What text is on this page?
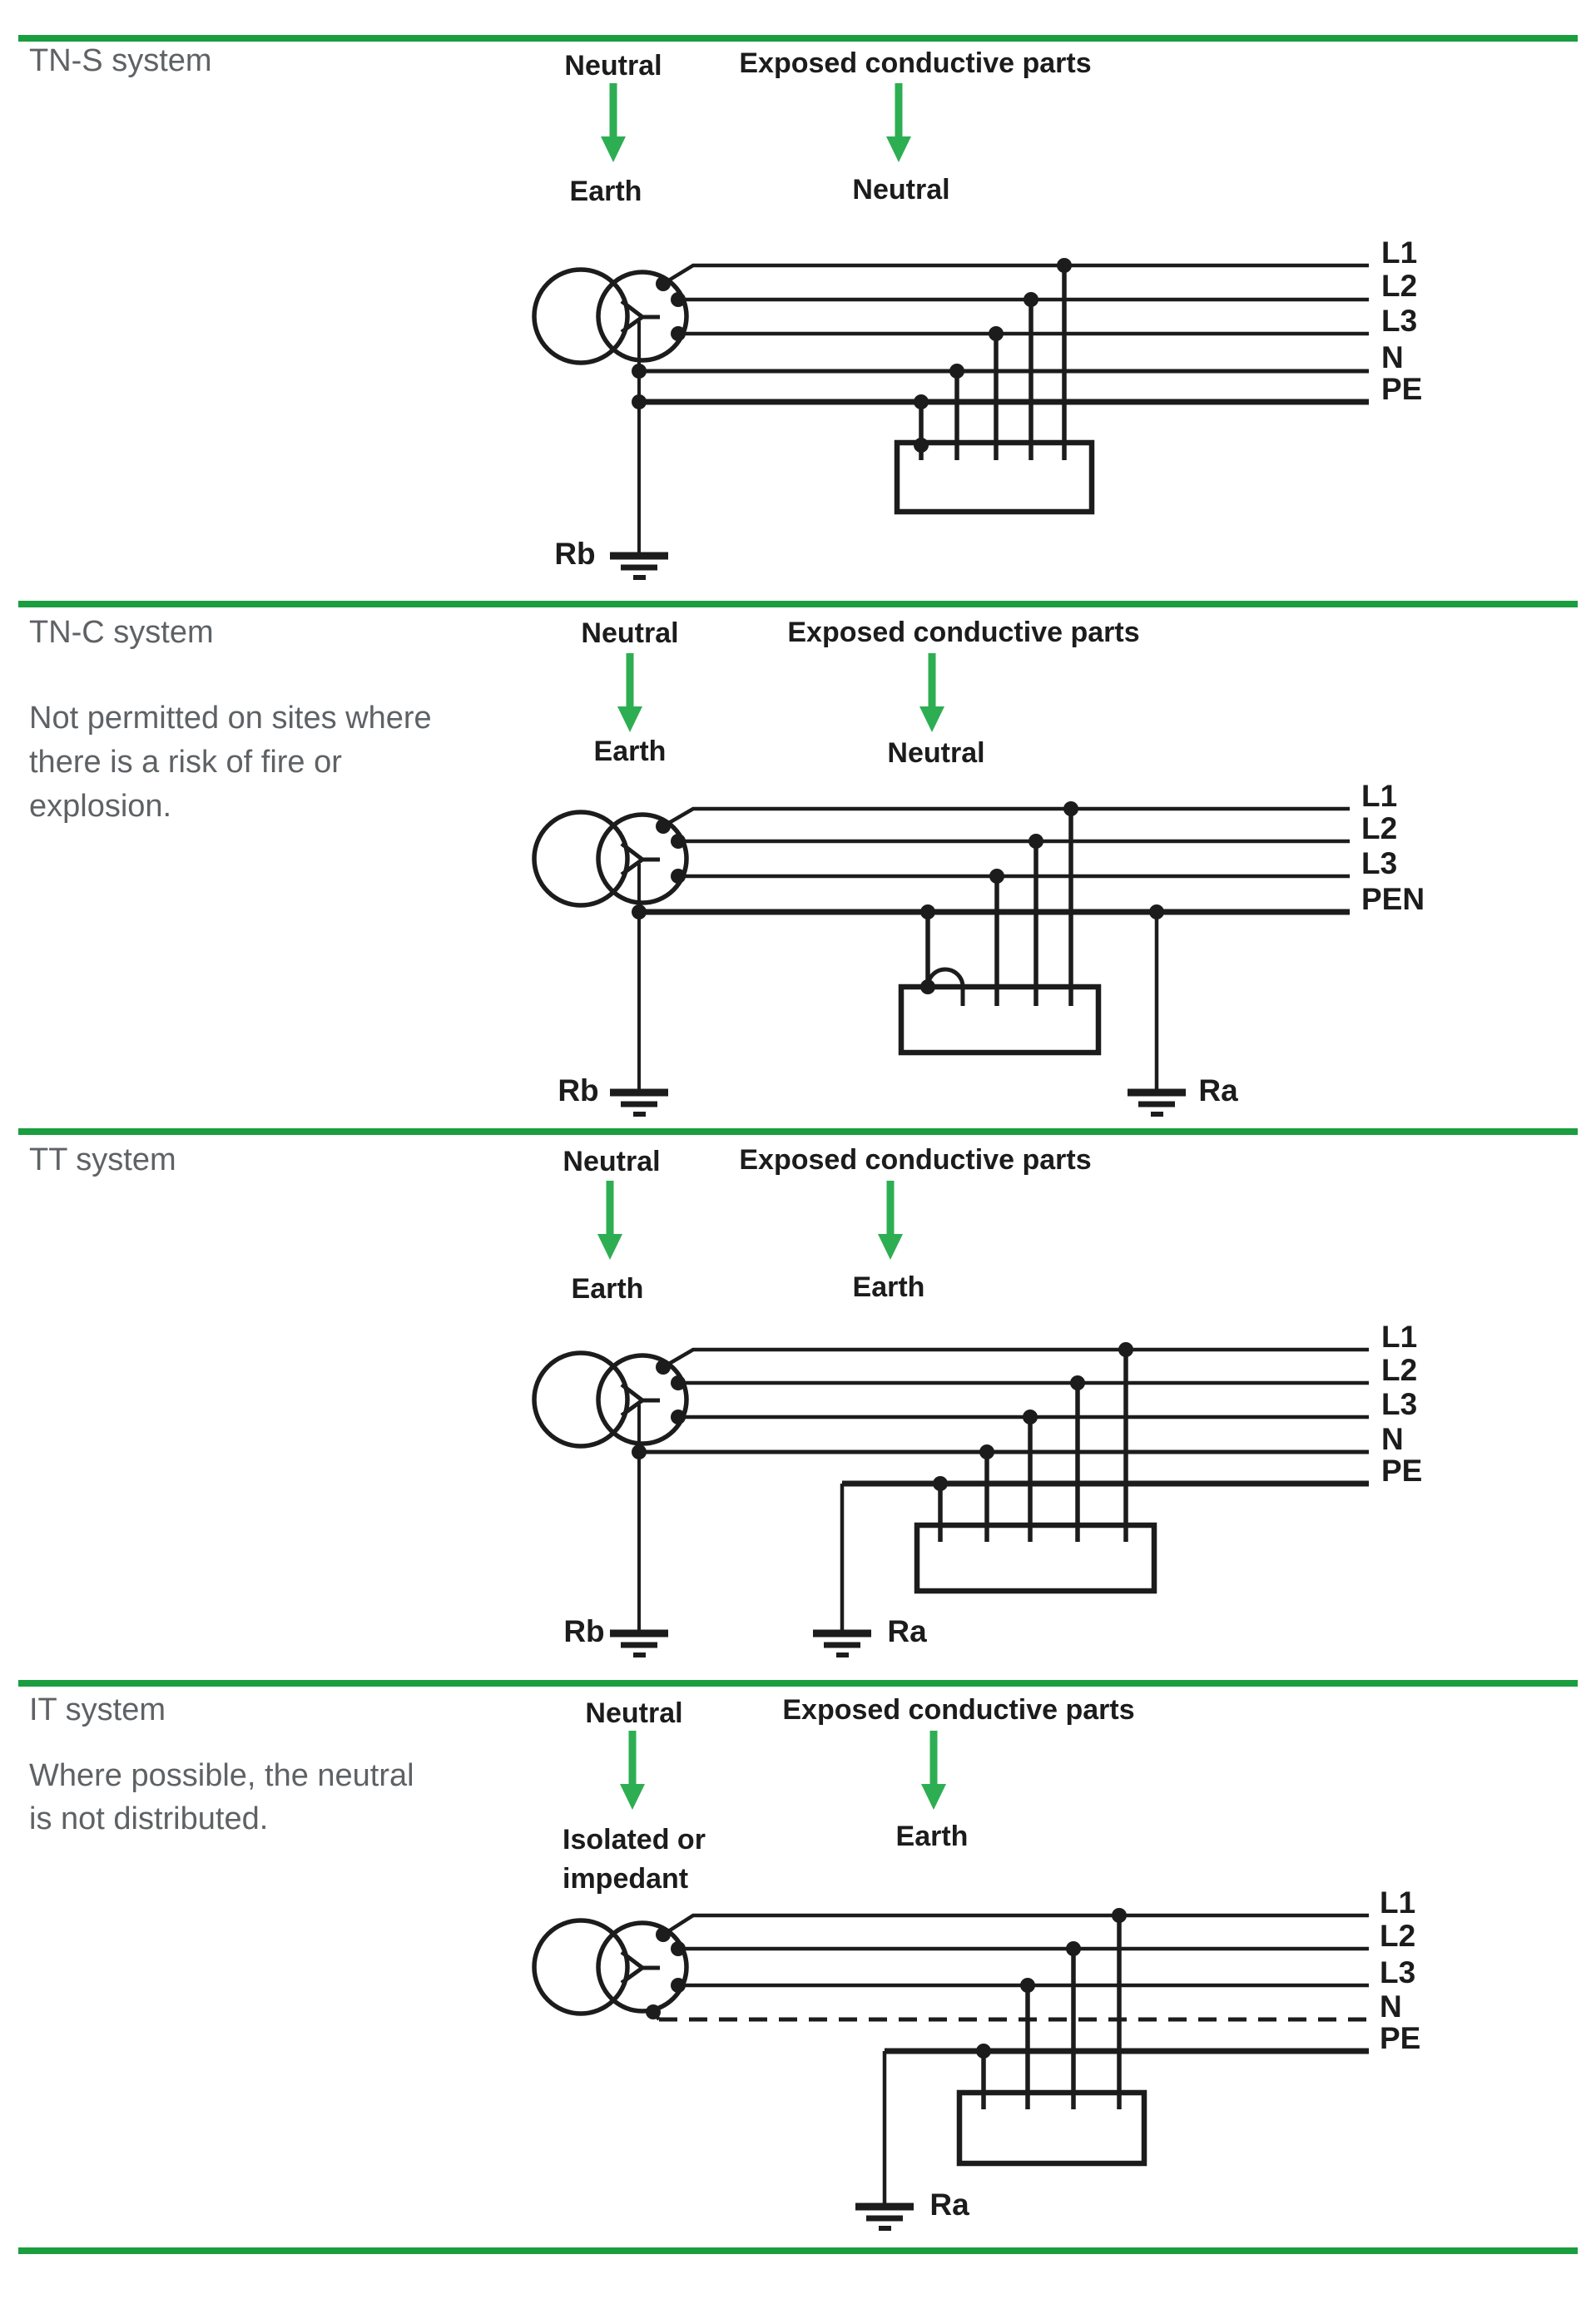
TN-S system	Neutral
Earth
Exposed conductive parts
Neutral
L1
L2
L3
N
PE
Rb
TN-C system
Not permitted on sites where
there is a risk of fire or
explosion.
Neutral
Earth
Exposed conductive parts
Neutral
L1
L2
L3
PEN
Rb	Ra
TT system	Neutral
Earth
Exposed conductive parts
Earth
L1
L2
L3
N
PE
Rb	Ra
IT system
Where possible, the neutral
is not distributed.
Neutral
Isolated or
impedant
Exposed conductive parts
Earth
L1
L2
L3
N
PE
Ra
